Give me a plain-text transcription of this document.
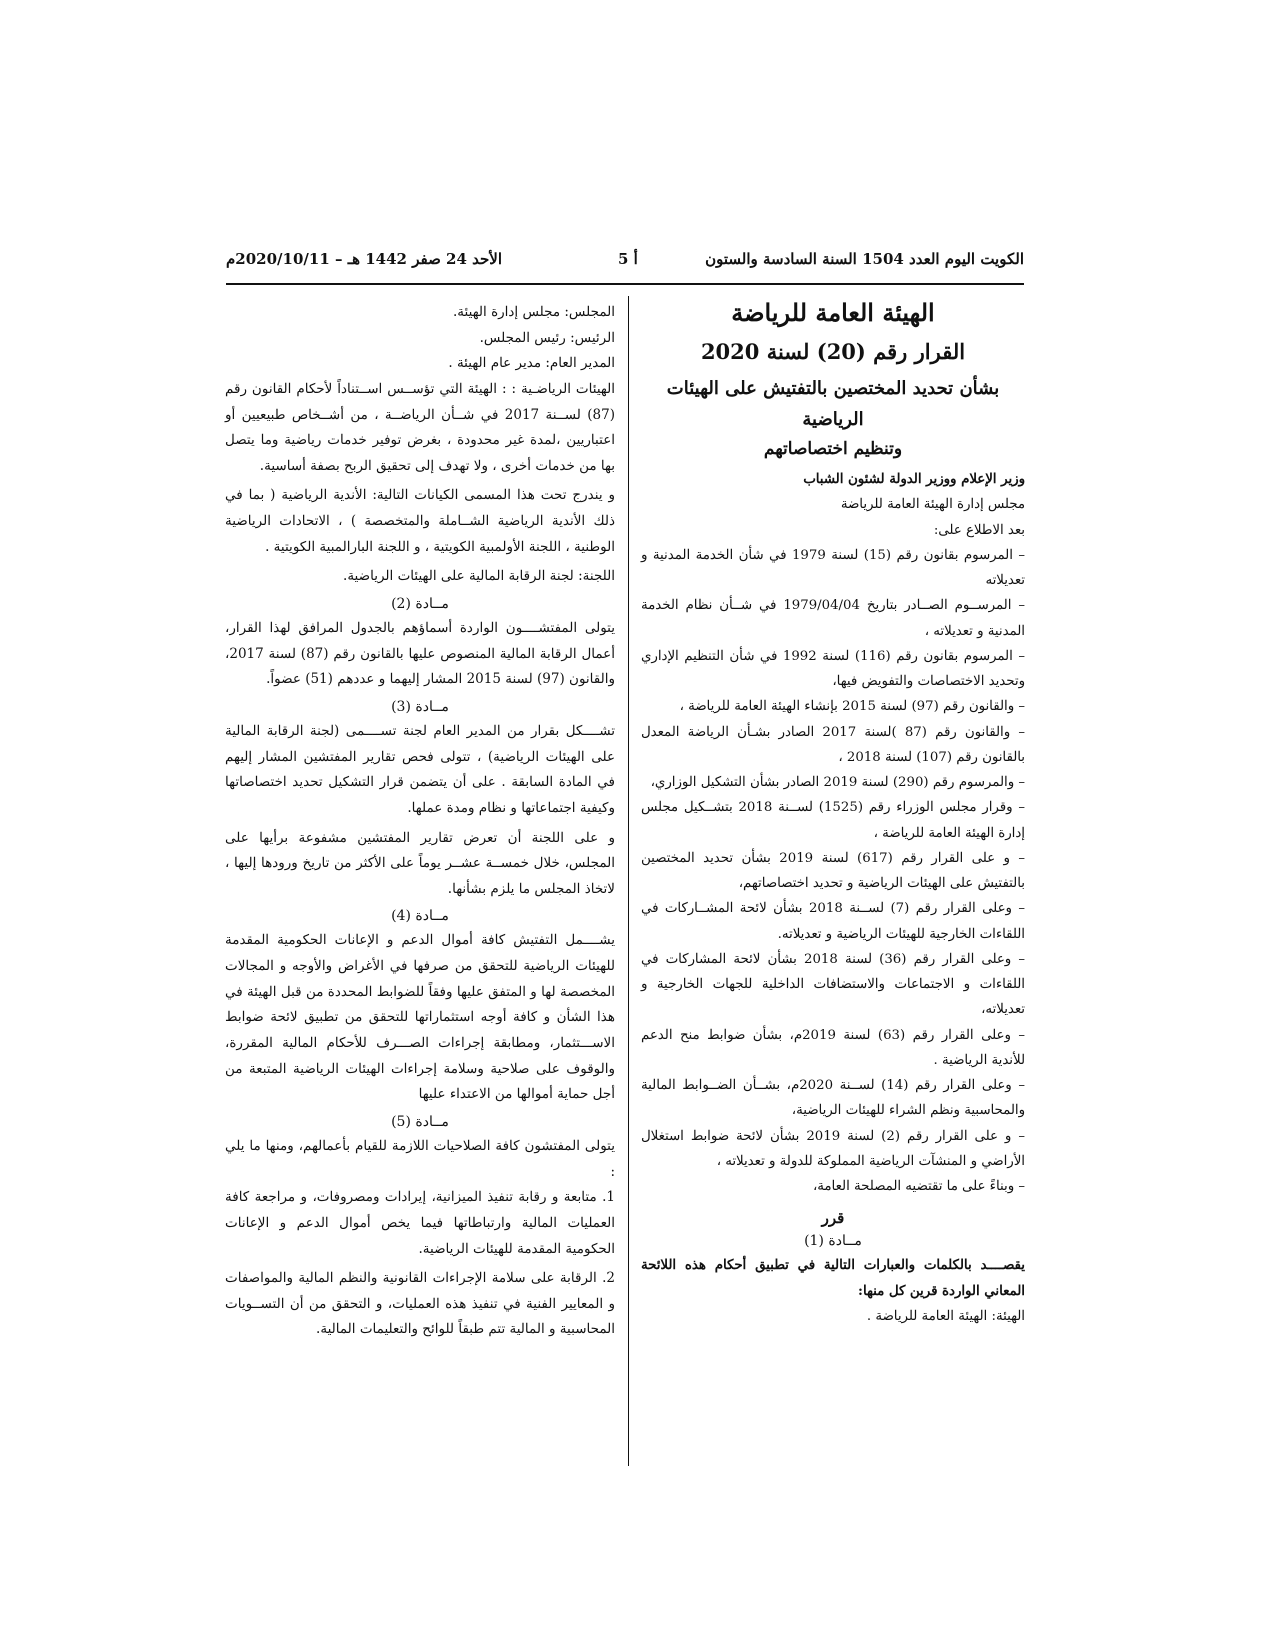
الكويت اليوم العدد 1504 السنة السادسة والستون
أ 5
الأحد 24 صفر 1442 هـ – 2020/10/11م

الهيئة العامة للرياضة

القرار رقم (20) لسنة 2020

بشأن تحديد المختصين بالتفتيش على الهيئات الرياضية

وتنظيم اختصاصاتهم

وزير الإعلام ووزير الدولة لشئون الشباب

مجلس إدارة الهيئة العامة للرياضة

بعد الاطلاع على:

– المرسوم بقانون رقم (15) لسنة 1979 في شأن الخدمة المدنية و تعديلاته

– المرســوم الصــادر بتاريخ 1979/04/04 في شــأن نظام الخدمة المدنية و تعديلاته ،

– المرسوم بقانون رقم (116) لسنة 1992 في شأن التنظيم الإداري وتحديد الاختصاصات والتفويض فيها،

– والقانون رقم (97) لسنة 2015 بإنشاء الهيئة العامة للرياضة ،

– والقانون رقم (87 )لسنة 2017 الصادر بشـأن الرياضة المعدل بالقانون رقم (107) لسنة 2018 ،

– والمرسوم رقم (290) لسنة 2019 الصادر بشأن التشكيل الوزاري،

– وقرار مجلس الوزراء رقم (1525) لســنة 2018 بتشــكيل مجلس إدارة الهيئة العامة للرياضة ،

– و على القرار رقم (617) لسنة 2019 بشأن تحديد المختصين بالتفتيش على الهيئات الرياضية و تحديد اختصاصاتهم،

– وعلى القرار رقم (7) لســنة 2018 بشأن لائحة المشــاركات في اللقاءات الخارجية للهيئات الرياضية و تعديلاته.

– وعلى القرار رقم (36) لسنة 2018 بشأن لائحة المشاركات في اللقاءات و الاجتماعات والاستضافات الداخلية للجهات الخارجية و تعديلاته،

– وعلى القرار رقم (63) لسنة 2019م، بشأن ضوابط منح الدعم للأندية الرياضية .

– وعلى القرار رقم (14) لســنة 2020م، بشــأن الضــوابط المالية والمحاسبية ونظم الشراء للهيئات الرياضية،

– و على القرار رقم (2) لسنة 2019 بشأن لائحة ضوابط استغلال الأراضي و المنشآت الرياضية المملوكة للدولة و تعديلاته ،

– وبناءً على ما تقتضيه المصلحة العامة،

قرر

مــادة (1)

يقصــــد بالكلمات والعبارات التالية في تطبيق أحكام هذه اللائحة المعاني الواردة قرين كل منها:

الهيئة: الهيئة العامة للرياضة .

المجلس: مجلس إدارة الهيئة.

الرئيس: رئيس المجلس.

المدير العام: مدير عام الهيئة .

الهيئات الرياضـية : : الهيئة التي تؤســس اســتناداً لأحكام القانون رقم (87) لســنة 2017 في شــأن الرياضــة ، من أشــخاص طبيعيين أو اعتباريين ،لمدة غير محدودة ، بغرض توفير خدمات رياضية وما يتصل بها من خدمات أخرى ، ولا تهدف إلى تحقيق الربح بصفة أساسية.

و يندرج تحت هذا المسمى الكيانات التالية: الأندية الرياضية ( بما في ذلك الأندية الرياضية الشــاملة والمتخصصة ) ، الاتحادات الرياضية الوطنية ، اللجنة الأولمبية الكويتية ، و اللجنة البارالمبية الكويتية .

اللجنة: لجنة الرقابة المالية على الهيئات الرياضية.

مــادة (2)

يتولى المفتشــــون الواردة أسماؤهم بالجدول المرافق لهذا القرار، أعمال الرقابة المالية المنصوص عليها بالقانون رقم (87) لسنة 2017، والقانون (97) لسنة 2015 المشار إليهما و عددهم (51) عضواً.

مــادة (3)

تشــــكل بقرار من المدير العام لجنة تســــمى (لجنة الرقابة المالية على الهيئات الرياضية) ، تتولى فحص تقارير المفتشين المشار إليهم في المادة السابقة . على أن يتضمن قرار التشكيل تحديد اختصاصاتها وكيفية اجتماعاتها و نظام ومدة عملها.

و على اللجنة أن تعرض تقارير المفتشين مشفوعة برأيها على المجلس، خلال خمســة عشــر يوماً على الأكثر من تاريخ ورودها إليها ، لاتخاذ المجلس ما يلزم بشأنها.

مــادة (4)

يشــــمل التفتيش كافة أموال الدعم و الإعانات الحكومية المقدمة للهيئات الرياضية للتحقق من صرفها في الأغراض والأوجه و المجالات المخصصة لها و المتفق عليها وفقاً للضوابط المحددة من قبل الهيئة في هذا الشأن و كافة أوجه استثماراتها للتحقق من تطبيق لائحة ضوابط الاســـتثمار، ومطابقة إجراءات الصـــرف للأحكام المالية المقررة، والوقوف على صلاحية وسلامة إجراءات الهيئات الرياضية المتبعة من أجل حماية أموالها من الاعتداء عليها

مــادة (5)

يتولى المفتشون كافة الصلاحيات اللازمة للقيام بأعمالهم، ومنها ما يلي :

1. متابعة و رقابة تنفيذ الميزانية، إيرادات ومصروفات، و مراجعة كافة العمليات المالية وارتباطاتها فيما يخص أموال الدعم و الإعانات الحكومية المقدمة للهيئات الرياضية.

2. الرقابة على سلامة الإجراءات القانونية والنظم المالية والمواصفات و المعايير الفنية في تنفيذ هذه العمليات، و التحقق من أن التســويات المحاسبية و المالية تتم طبقاً للوائح والتعليمات المالية.
